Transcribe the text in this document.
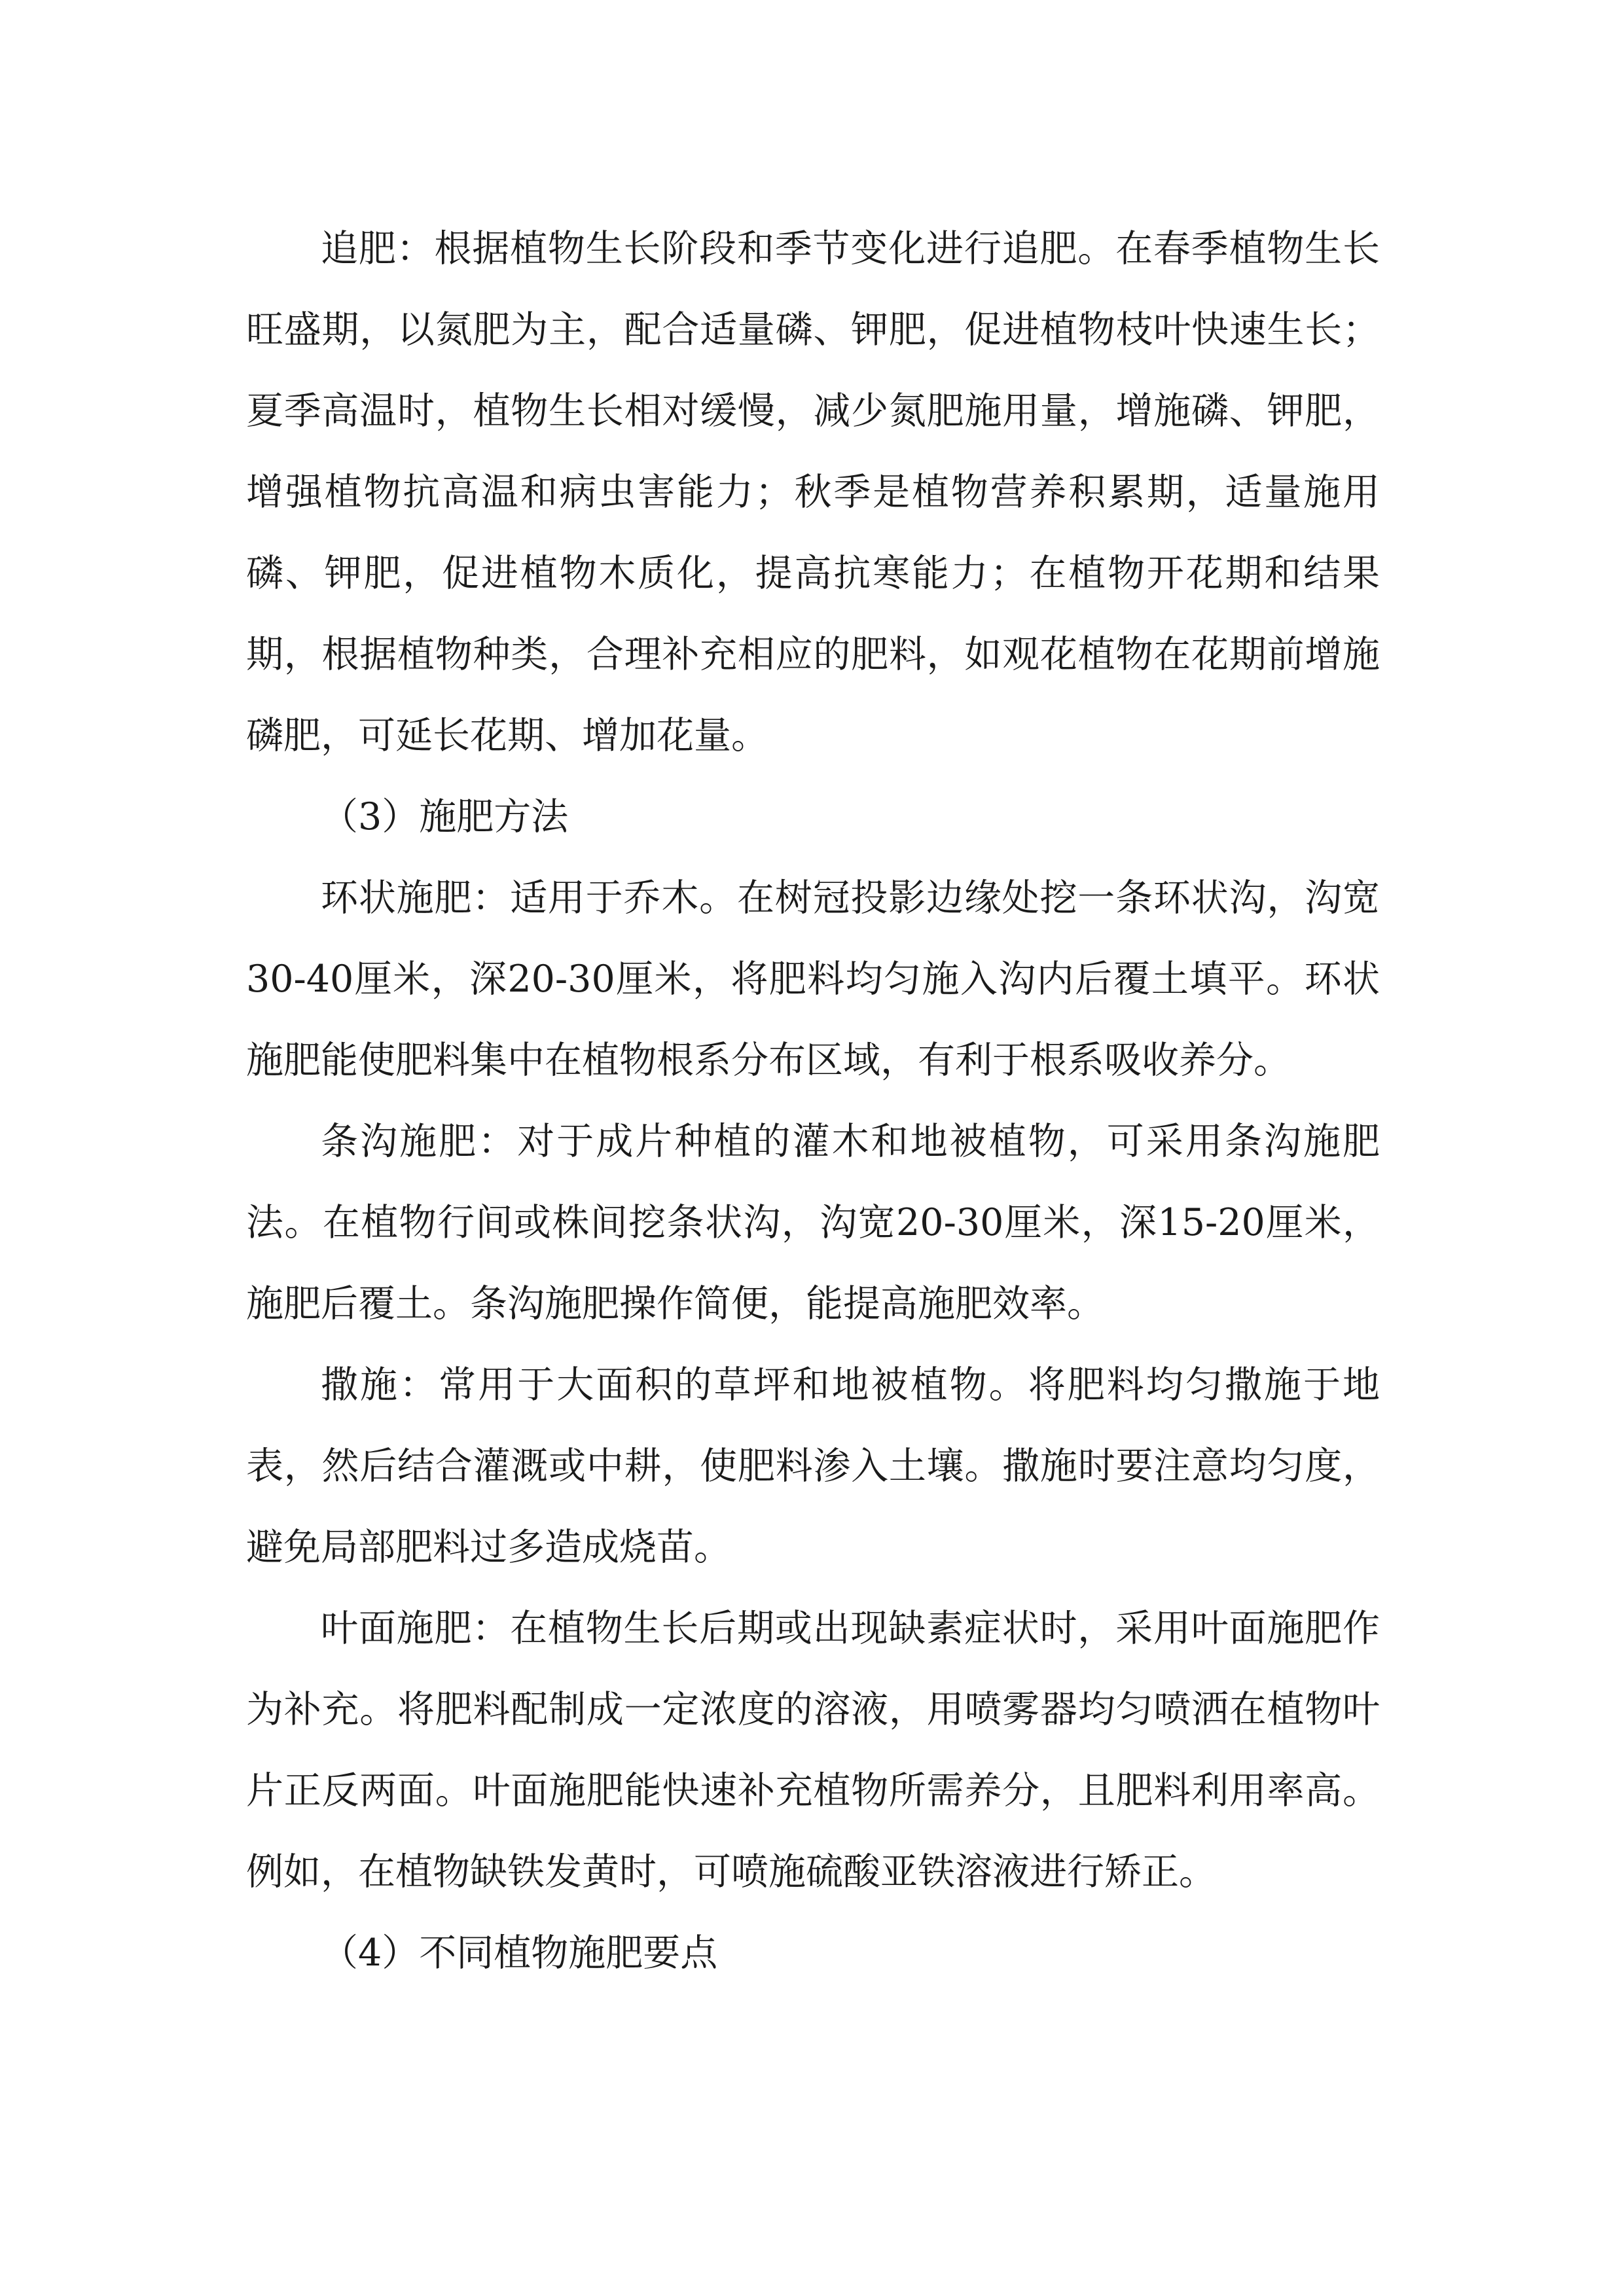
追肥：根据植物生长阶段和季节变化进行追肥。在春季植物生长旺盛期，以氮肥为主，配合适量磷、钾肥，促进植物枝叶快速生长；夏季高温时，植物生长相对缓慢，减少氮肥施用量，增施磷、钾肥，增强植物抗高温和病虫害能力；秋季是植物营养积累期，适量施用磷、钾肥，促进植物木质化，提高抗寒能力；在植物开花期和结果期，根据植物种类，合理补充相应的肥料，如观花植物在花期前增施磷肥，可延长花期、增加花量。

（3）施肥方法

环状施肥：适用于乔木。在树冠投影边缘处挖一条环状沟，沟宽30-40厘米，深20-30厘米，将肥料均匀施入沟内后覆土填平。环状施肥能使肥料集中在植物根系分布区域，有利于根系吸收养分。

条沟施肥：对于成片种植的灌木和地被植物，可采用条沟施肥法。在植物行间或株间挖条状沟，沟宽20-30厘米，深15-20厘米，施肥后覆土。条沟施肥操作简便，能提高施肥效率。

撒施：常用于大面积的草坪和地被植物。将肥料均匀撒施于地表，然后结合灌溉或中耕，使肥料渗入土壤。撒施时要注意均匀度，避免局部肥料过多造成烧苗。

叶面施肥：在植物生长后期或出现缺素症状时，采用叶面施肥作为补充。将肥料配制成一定浓度的溶液，用喷雾器均匀喷洒在植物叶片正反两面。叶面施肥能快速补充植物所需养分，且肥料利用率高。例如，在植物缺铁发黄时，可喷施硫酸亚铁溶液进行矫正。

（4）不同植物施肥要点
